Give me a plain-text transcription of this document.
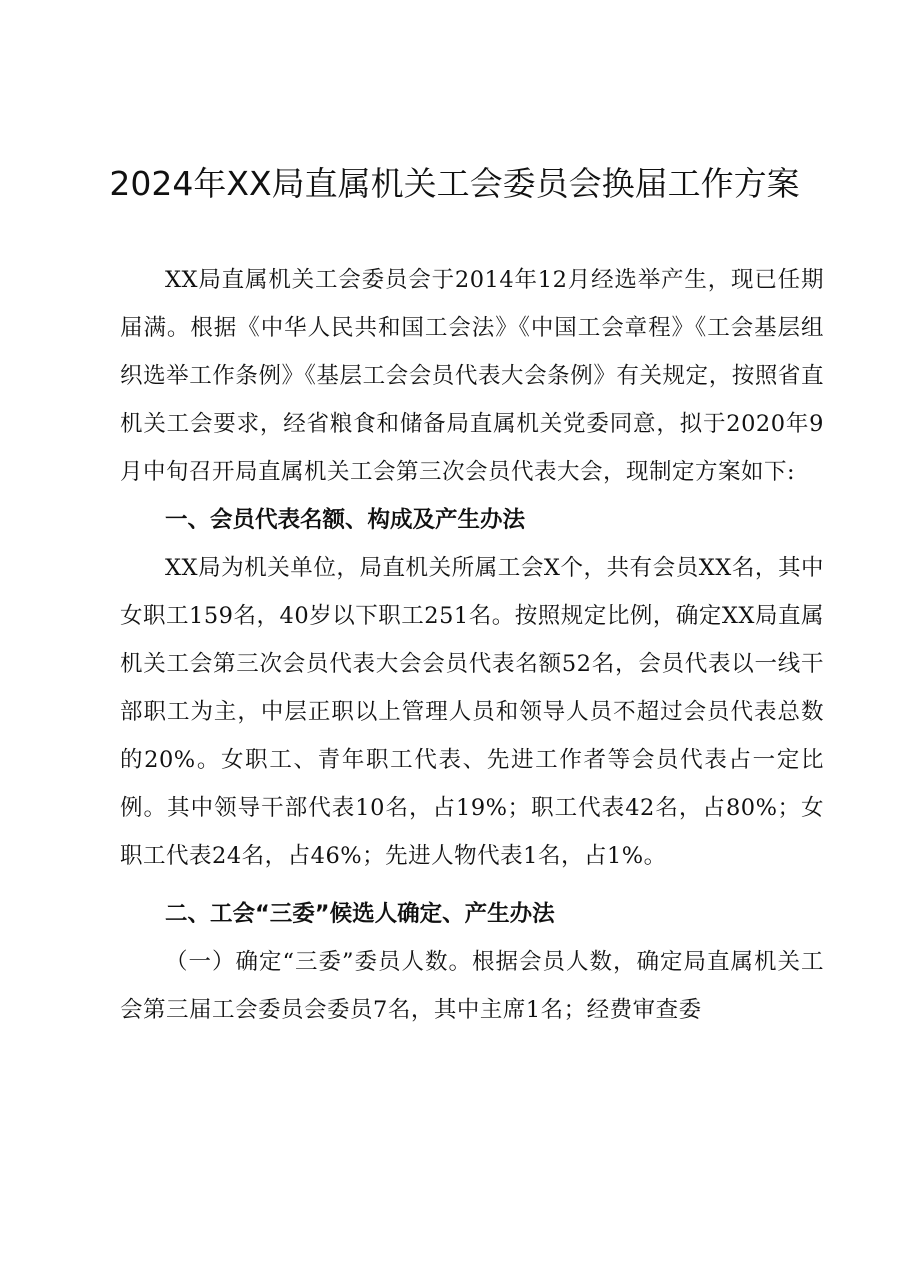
2024年XX局直属机关工会委员会换届工作方案

XX局直属机关工会委员会于2014年12月经选举产生，现已任期届满。根据《中华人民共和国工会法》《中国工会章程》《工会基层组织选举工作条例》《基层工会会员代表大会条例》有关规定，按照省直机关工会要求，经省粮食和储备局直属机关党委同意，拟于2020年9月中旬召开局直属机关工会第三次会员代表大会，现制定方案如下:

一、会员代表名额、构成及产生办法

XX局为机关单位，局直机关所属工会X个，共有会员XX名，其中女职工159名，40岁以下职工251名。按照规定比例，确定XX局直属机关工会第三次会员代表大会会员代表名额52名，会员代表以一线干部职工为主，中层正职以上管理人员和领导人员不超过会员代表总数的20%。女职工、青年职工代表、先进工作者等会员代表占一定比例。其中领导干部代表10名，占19%；职工代表42名，占80%；女职工代表24名，占46%；先进人物代表1名，占1%。

二、工会“三委”候选人确定、产生办法

（一）确定“三委”委员人数。根据会员人数，确定局直属机关工会第三届工会委员会委员7名，其中主席1名；经费审查委
